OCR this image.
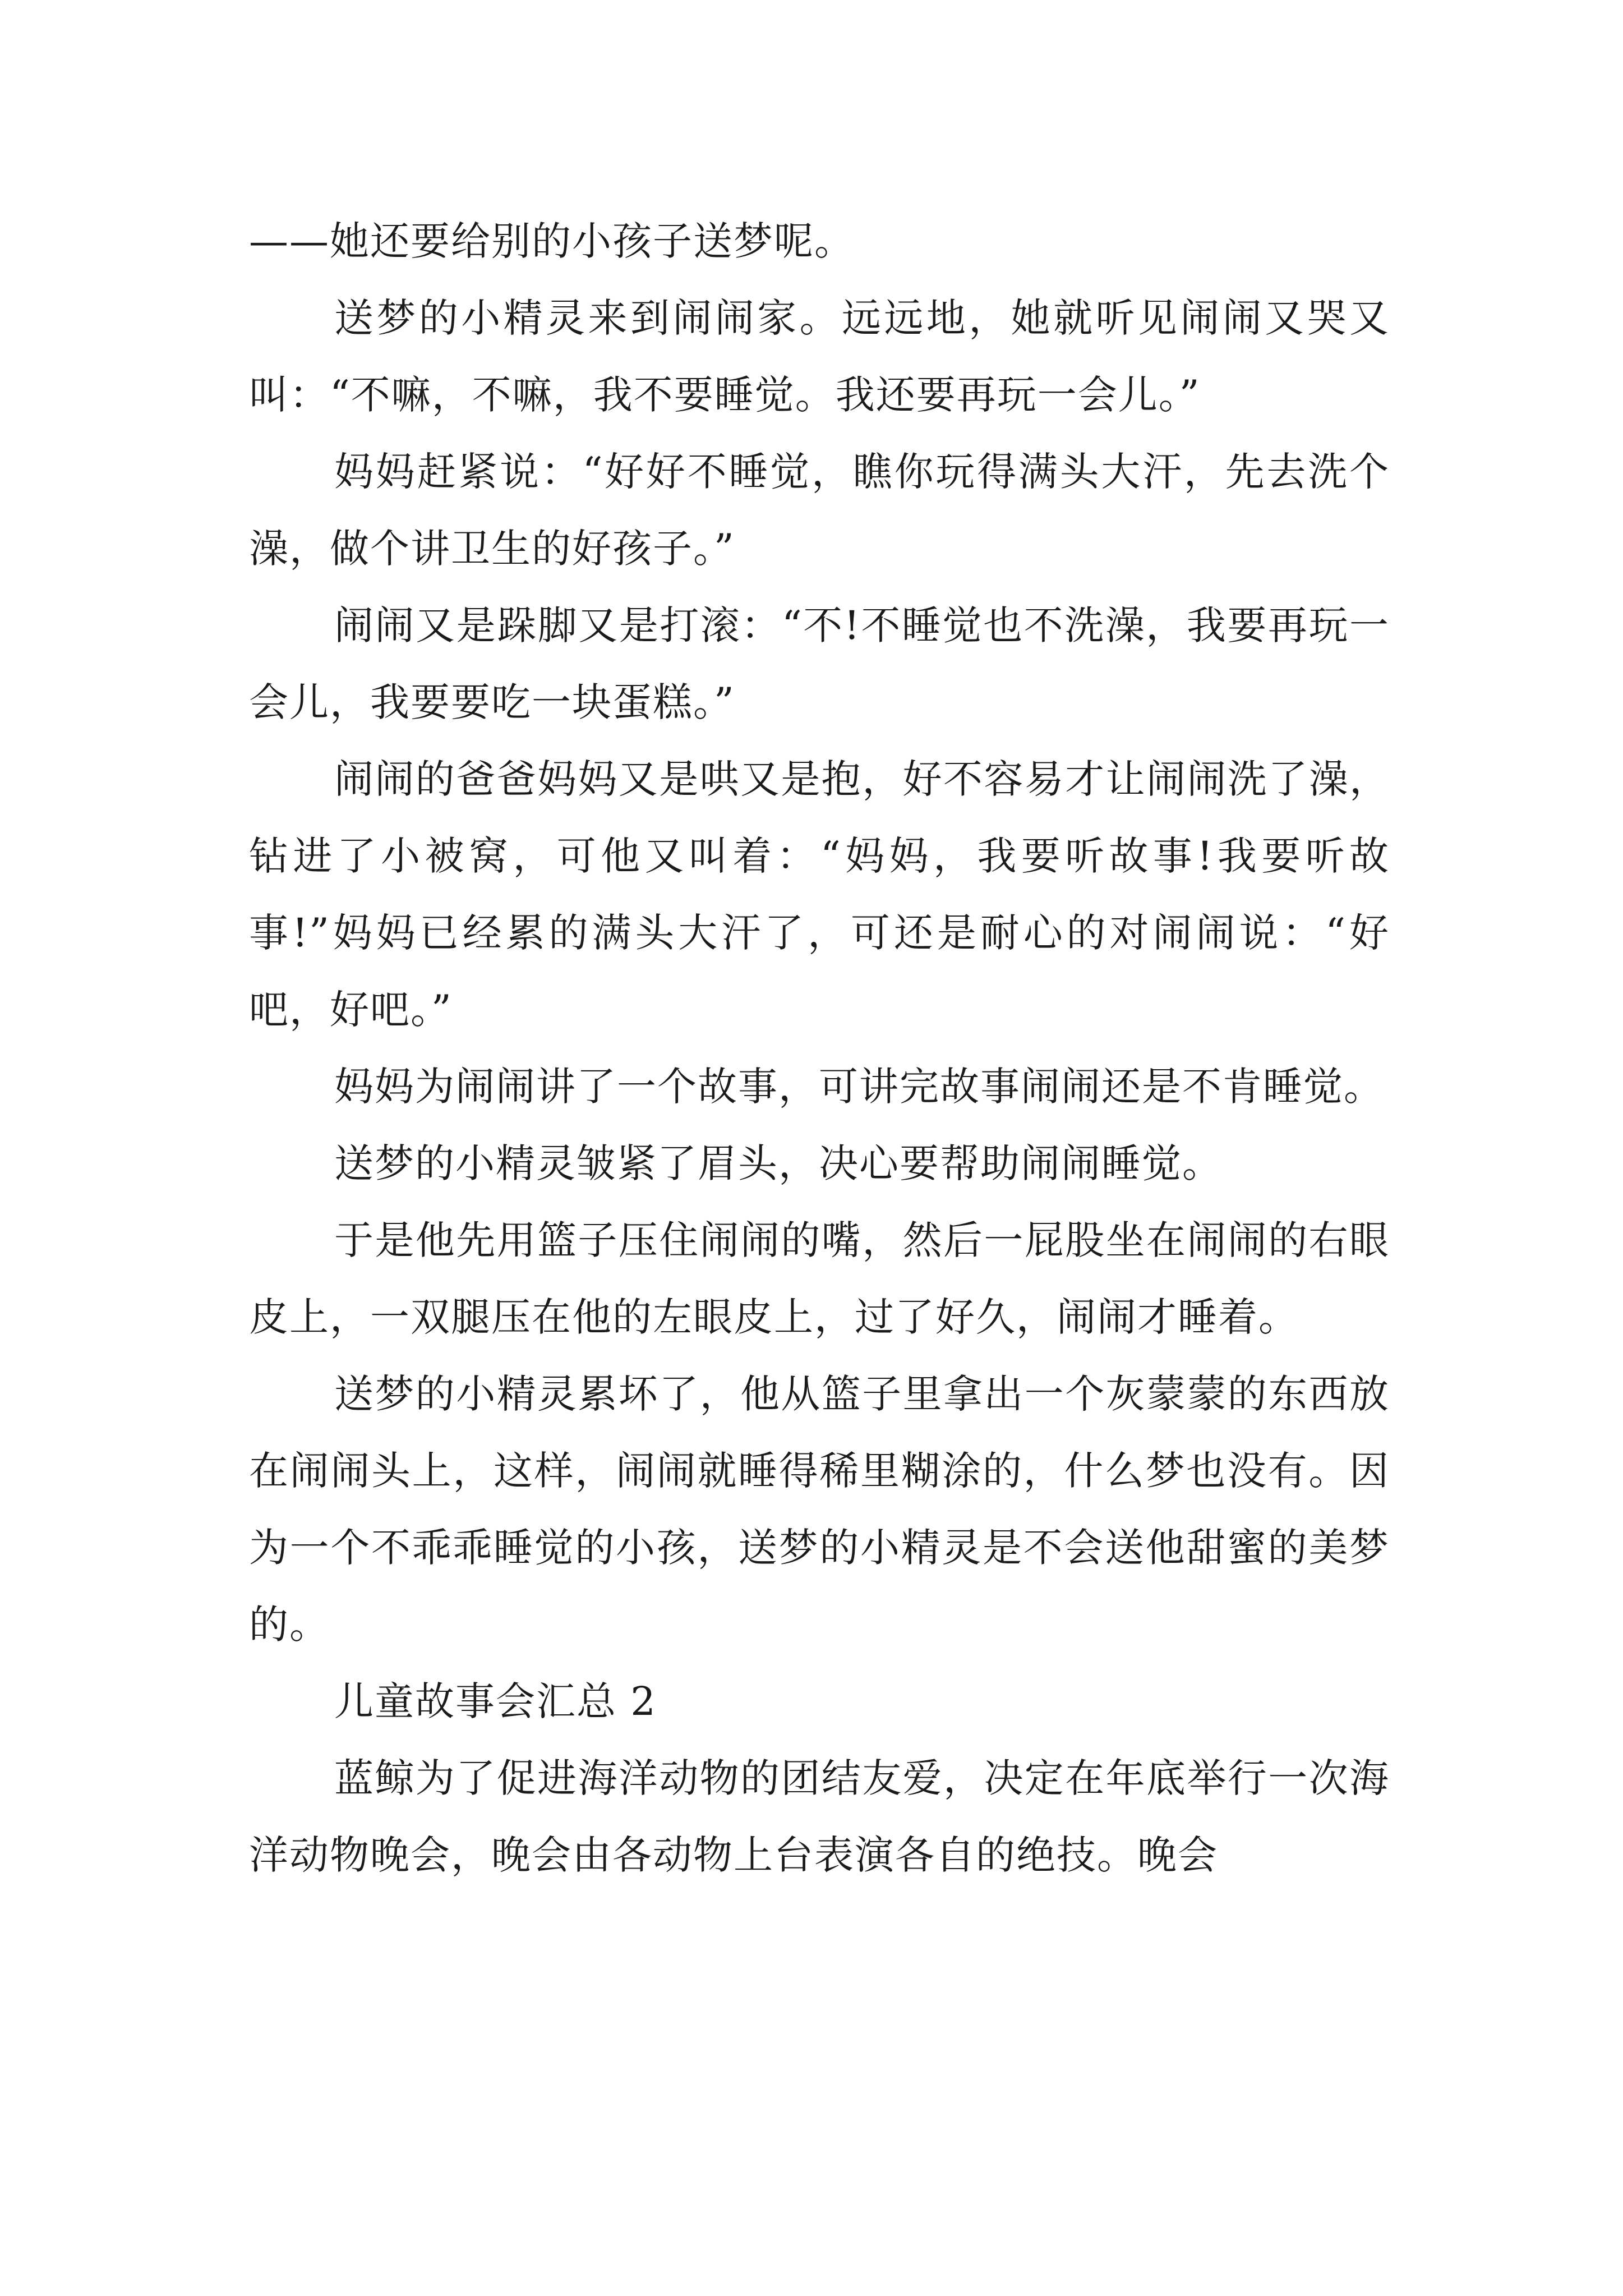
——她还要给别的小孩子送梦呢。

送梦的小精灵来到闹闹家。远远地，她就听见闹闹又哭又叫：“不嘛，不嘛，我不要睡觉。我还要再玩一会儿。”

妈妈赶紧说：“好好不睡觉，瞧你玩得满头大汗，先去洗个澡，做个讲卫生的好孩子。”

闹闹又是跺脚又是打滚：“不!不睡觉也不洗澡，我要再玩一会儿，我要要吃一块蛋糕。”

闹闹的爸爸妈妈又是哄又是抱，好不容易才让闹闹洗了澡，钻进了小被窝，可他又叫着：“妈妈，我要听故事!我要听故事!”妈妈已经累的满头大汗了，可还是耐心的对闹闹说：“好吧，好吧。”

妈妈为闹闹讲了一个故事，可讲完故事闹闹还是不肯睡觉。

送梦的小精灵皱紧了眉头，决心要帮助闹闹睡觉。

于是他先用篮子压住闹闹的嘴，然后一屁股坐在闹闹的右眼皮上，一双腿压在他的左眼皮上，过了好久，闹闹才睡着。

送梦的小精灵累坏了，他从篮子里拿出一个灰蒙蒙的东西放在闹闹头上，这样，闹闹就睡得稀里糊涂的，什么梦也没有。因为一个不乖乖睡觉的小孩，送梦的小精灵是不会送他甜蜜的美梦的。

儿童故事会汇总 2

蓝鲸为了促进海洋动物的团结友爱，决定在年底举行一次海洋动物晚会，晚会由各动物上台表演各自的绝技。晚会
